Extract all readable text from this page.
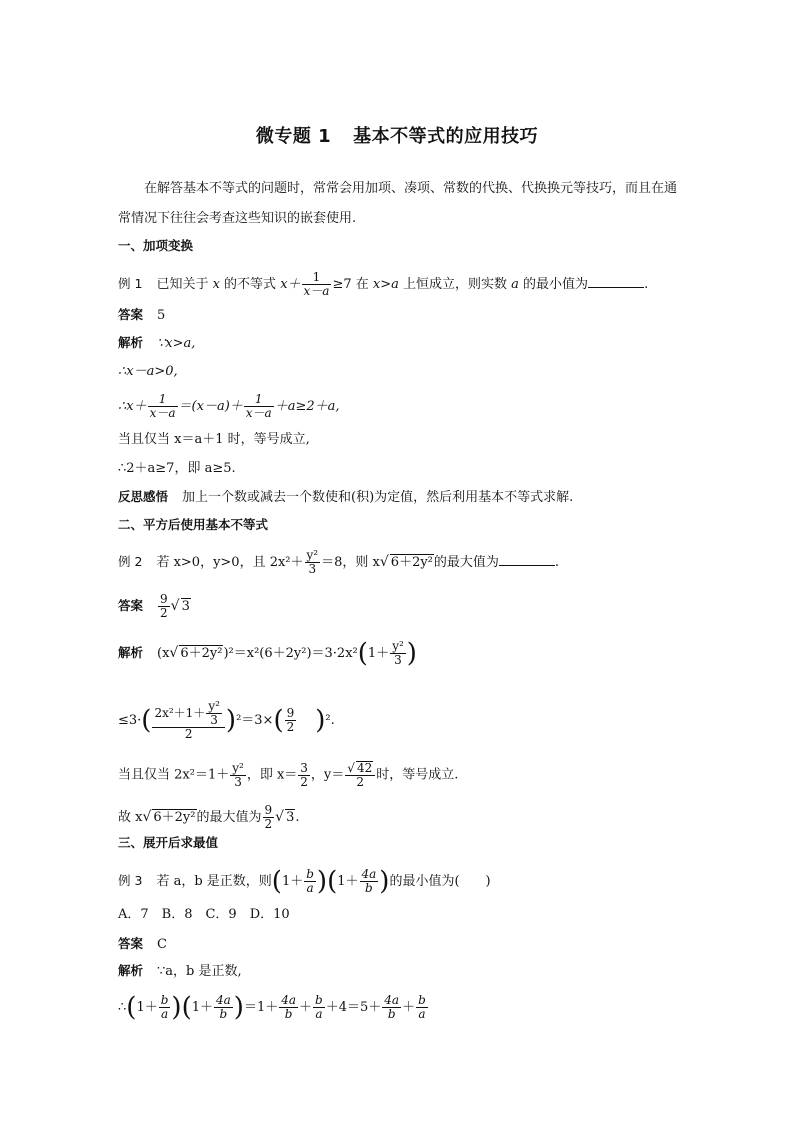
微专题 1 基本不等式的应用技巧
在解答基本不等式的问题时，常常会用加项、凑项、常数的代换、代换换元等技巧，而且在通常情况下往往会考查这些知识的嵌套使用.
一、加项变换
例 1 已知关于 x 的不等式 $x+ \frac{1}{x-a} \ge 7$ 在 x>a 上恒成立，则实数 a 的最小值为	.
答案 5
解析 ∵x>a,
∴x－a>0,
∴x＋ $\frac{1}{x-a} =(x-a)+ \frac{1}{x-a} +a\ge 2+a$,
当且仅当 x＝a＋1 时，等号成立,
∴2＋a≥7，即 a≥5.
反思感悟 加上一个数或减去一个数使和(积)为定值，然后利用基本不等式求解.
二、平方后使用基本不等式
例 2 若 x>0，y>0，且 $2x^2+ \frac{\text{y²}}{3} =8$，则 x√ 6＋2y²的最大值为	.
答案 $\frac{9}{2}$ √ 3
解析 (x√ $6+2y^2)^2=x^2(6+2y^2)=3\cdot 2x^2(1+ \frac{\text{y²}}{3}$ )
$\le 3\cdot( \frac{2x^2+1+ \frac{\text{y²}}{3}}{2} )^2=3\times( \frac{9}{2} )^2$.
当且仅当 $2x^2=1+ \frac{\text{y²}}{3}$ ，即 $x= \frac{3}{2}$ ，$y= \frac{√ 42}{2}$ 时，等号成立.
故 x√ 6＋2y²的最大值为 $\frac{9}{2}$ √ 3.
三、展开后求最值
例 3 若 a，b 是正数，则$(1+ \frac{b}{a} )(1+ \frac{4a}{b}$ )的最小值为(　　)
A．7　B．8　C．9　D．10
答案 C
解析 ∵a，b 是正数,
∴(1＋ $\frac{b}{a} )(1+ \frac{4a}{b} )=1+ \frac{4a}{b} + \frac{b}{a} +4=5+ \frac{4a}{b} + \frac{b}{a}$
